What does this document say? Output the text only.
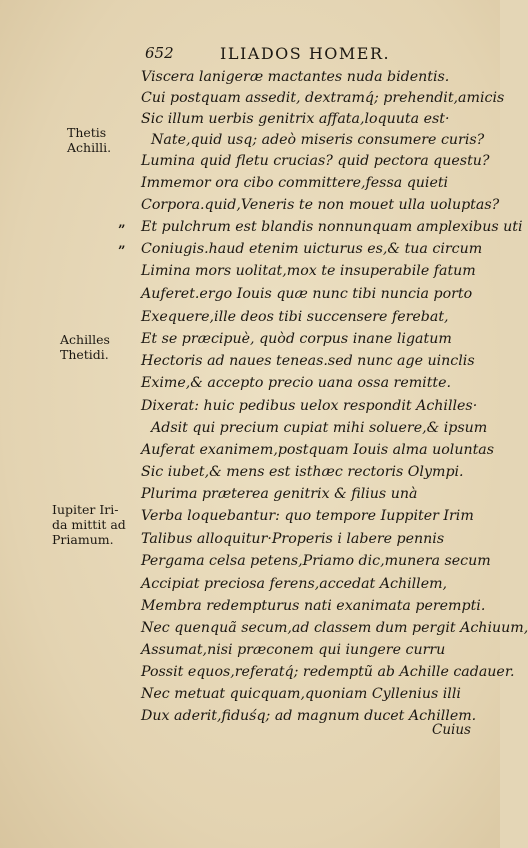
652	ILIADOS HOMER.
Thetis
Achilli.
Achilles
Thetidi.
Iupiter Iri-
da mittit ad
Priamum.
”
”
Viscera lanigeræ mactantes nuda bidentis.
Cui postquam assedit, dextramq́; prehendit,amicis
Sic illum uerbis genitrix affata,loquuta est·
Nate,quid usq; adeò miseris consumere curis?
Lumina quid fletu crucias? quid pectora questu?
Immemor ora cibo committere,fessa quieti
Corpora.quid,Veneris te non mouet ulla uoluptas?
Et pulchrum est blandis nonnunquam amplexibus uti
Coniugis.haud etenim uicturus es,& tua circum
Limina mors uolitat,mox te insuperabile fatum
Auferet.ergo Iouis quæ nunc tibi nuncia porto
Exequere,ille deos tibi succensere ferebat,
Et se præcipuè, quòd corpus inane ligatum
Hectoris ad naues teneas.sed nunc age uinclis
Exime,& accepto precio uana ossa remitte.
Dixerat: huic pedibus uelox respondit Achilles·
Adsit qui precium cupiat mihi soluere,& ipsum
Auferat exanimem,postquam Iouis alma uoluntas
Sic iubet,& mens est isthæc rectoris Olympi.
Plurima præterea genitrix & filius unà
Verba loquebantur: quo tempore Iuppiter Irim
Talibus alloquitur·Properis i labere pennis
Pergama celsa petens,Priamo dic,munera secum
Accipiat preciosa ferens,accedat Achillem,
Membra redempturus nati exanimata perempti.
Nec quenquã secum,ad classem dum pergit Achiuum,
Assumat,nisi præconem qui iungere curru
Possit equos,referatq́; redemptũ ab Achille cadauer.
Nec metuat quicquam,quoniam Cyllenius illi
Dux aderit,fiduśq; ad magnum ducet Achillem.
Cuius
